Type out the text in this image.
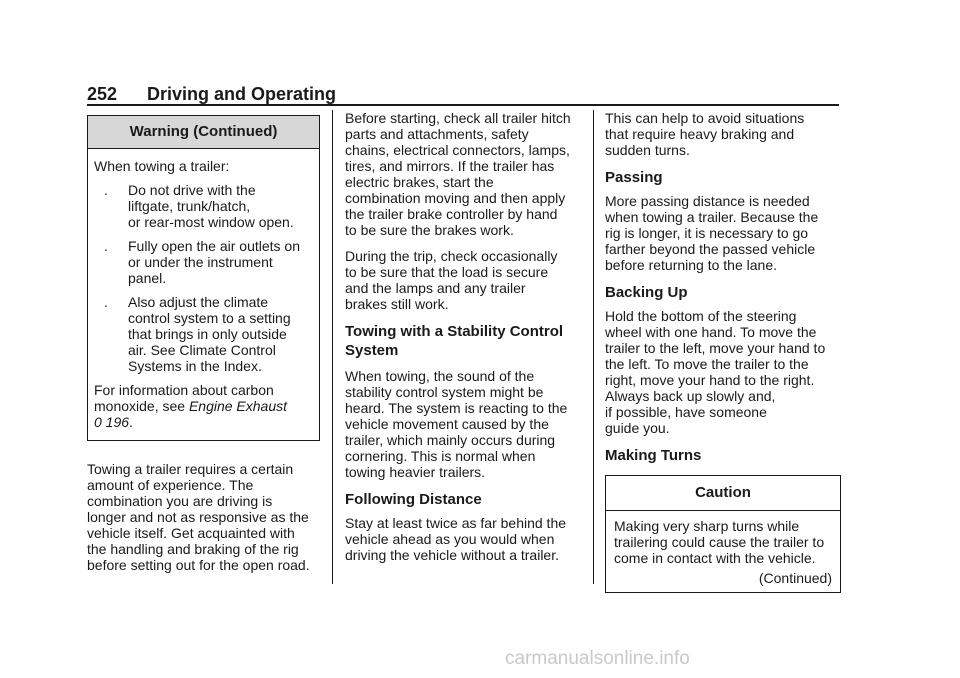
252 Driving and Operating
Warning (Continued)

When towing a trailer:

.	Do not drive with the
liftgate, trunk/hatch,
or rear-most window open.
.	Fully open the air outlets on
or under the instrument
panel.
.	Also adjust the climate
control system to a setting
that brings in only outside
air. See Climate Control
Systems in the Index.

For information about carbon
monoxide, see Engine Exhaust
0 196.

Towing a trailer requires a certain
amount of experience. The
combination you are driving is
longer and not as responsive as the
vehicle itself. Get acquainted with
the handling and braking of the rig
before setting out for the open road.

Before starting, check all trailer hitch
parts and attachments, safety
chains, electrical connectors, lamps,
tires, and mirrors. If the trailer has
electric brakes, start the
combination moving and then apply
the trailer brake controller by hand
to be sure the brakes work.

During the trip, check occasionally
to be sure that the load is secure
and the lamps and any trailer
brakes still work.

Towing with a Stability Control
System

When towing, the sound of the
stability control system might be
heard. The system is reacting to the
vehicle movement caused by the
trailer, which mainly occurs during
cornering. This is normal when
towing heavier trailers.

Following Distance

Stay at least twice as far behind the
vehicle ahead as you would when
driving the vehicle without a trailer.

This can help to avoid situations
that require heavy braking and
sudden turns.

Passing

More passing distance is needed
when towing a trailer. Because the
rig is longer, it is necessary to go
farther beyond the passed vehicle
before returning to the lane.

Backing Up

Hold the bottom of the steering
wheel with one hand. To move the
trailer to the left, move your hand to
the left. To move the trailer to the
right, move your hand to the right.
Always back up slowly and,
if possible, have someone
guide you.

Making Turns
Caution

Making very sharp turns while
trailering could cause the trailer to
come in contact with the vehicle.

(Continued)

carmanualsonline.info
